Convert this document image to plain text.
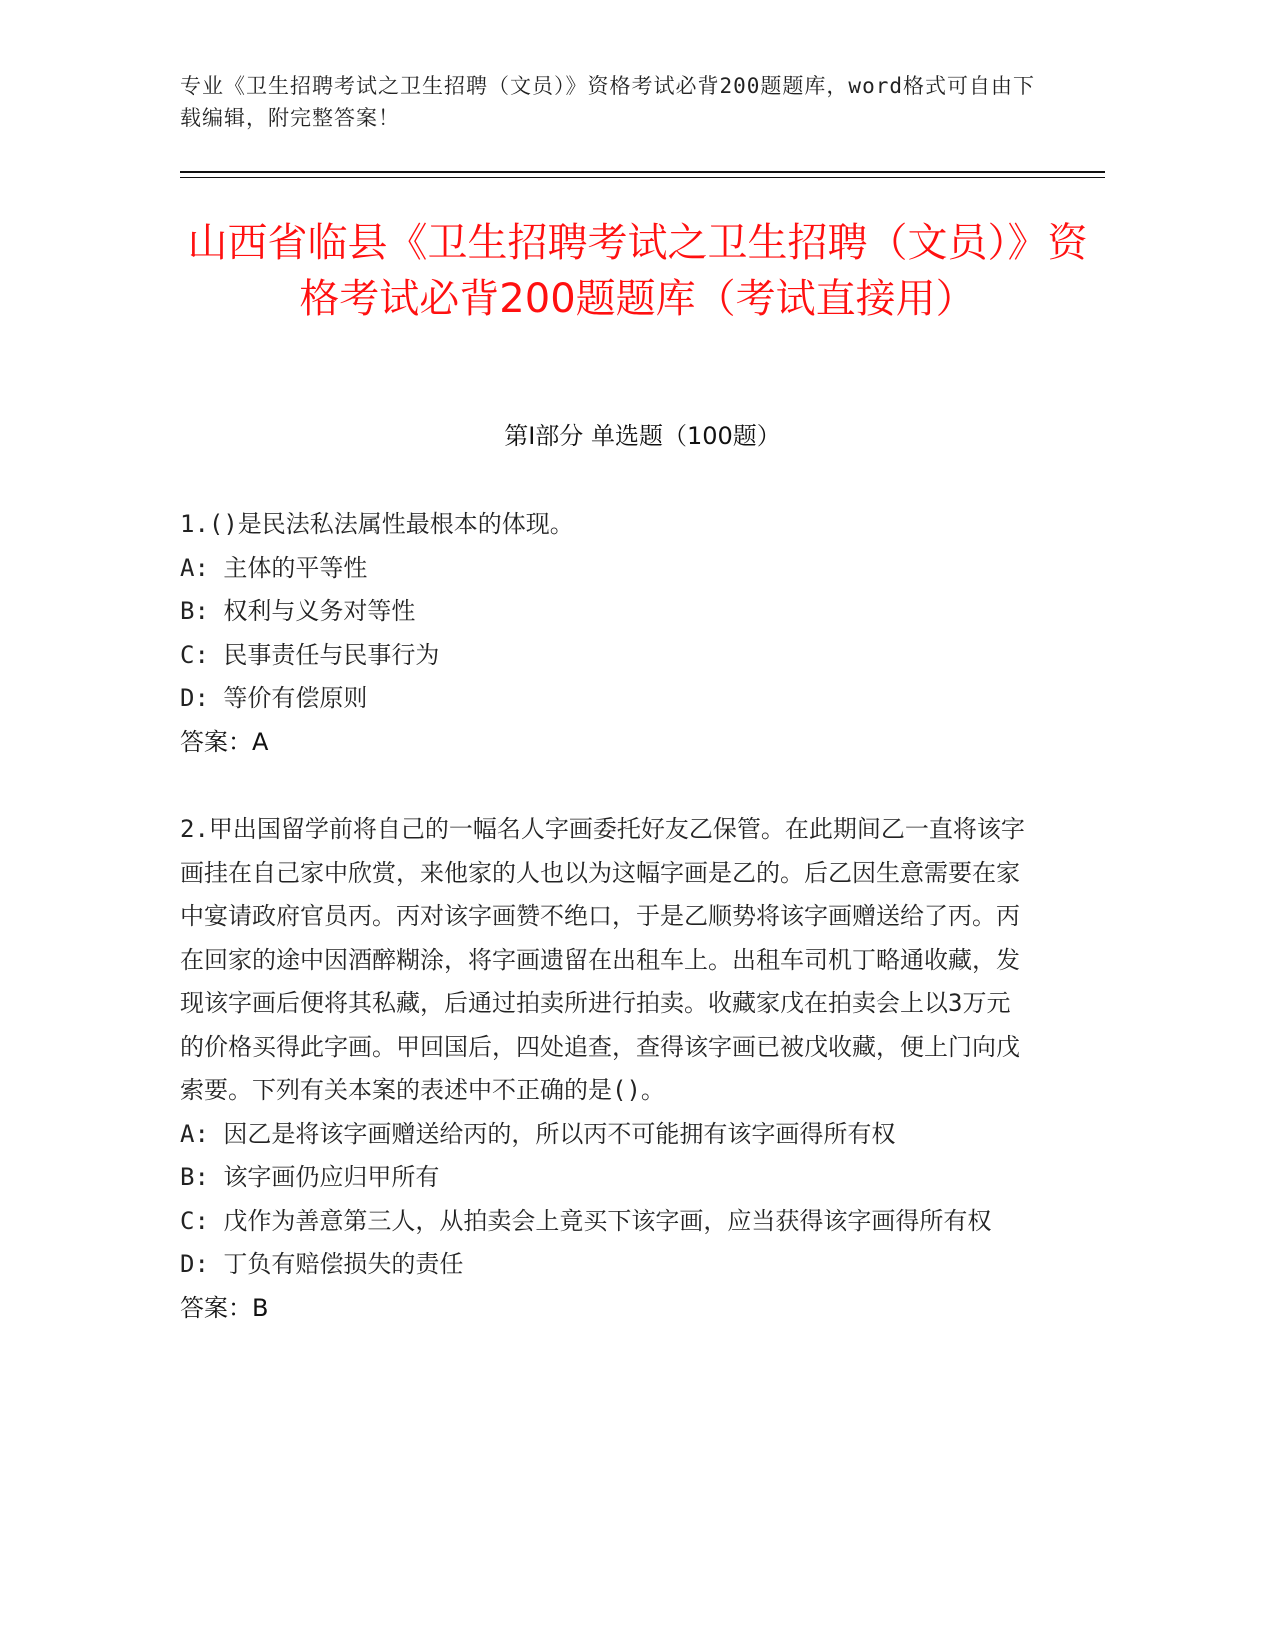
专业《卫生招聘考试之卫生招聘（文员）》资格考试必背200题题库，word格式可自由下载编辑，附完整答案！
山西省临县《卫生招聘考试之卫生招聘（文员）》资格考试必背200题题库（考试直接用）
第Ⅰ部分 单选题（100题）
1.()是民法私法属性最根本的体现。
A: 主体的平等性
B: 权利与义务对等性
C: 民事责任与民事行为
D: 等价有偿原则
答案：A
2.甲出国留学前将自己的一幅名人字画委托好友乙保管。在此期间乙一直将该字画挂在自己家中欣赏，来他家的人也以为这幅字画是乙的。后乙因生意需要在家中宴请政府官员丙。丙对该字画赞不绝口，于是乙顺势将该字画赠送给了丙。丙在回家的途中因酒醉糊涂，将字画遗留在出租车上。出租车司机丁略通收藏，发现该字画后便将其私藏，后通过拍卖所进行拍卖。收藏家戊在拍卖会上以3万元的价格买得此字画。甲回国后，四处追查，查得该字画已被戊收藏，便上门向戊索要。下列有关本案的表述中不正确的是()。
A: 因乙是将该字画赠送给丙的，所以丙不可能拥有该字画得所有权
B: 该字画仍应归甲所有
C: 戊作为善意第三人，从拍卖会上竟买下该字画，应当获得该字画得所有权
D: 丁负有赔偿损失的责任
答案：B
